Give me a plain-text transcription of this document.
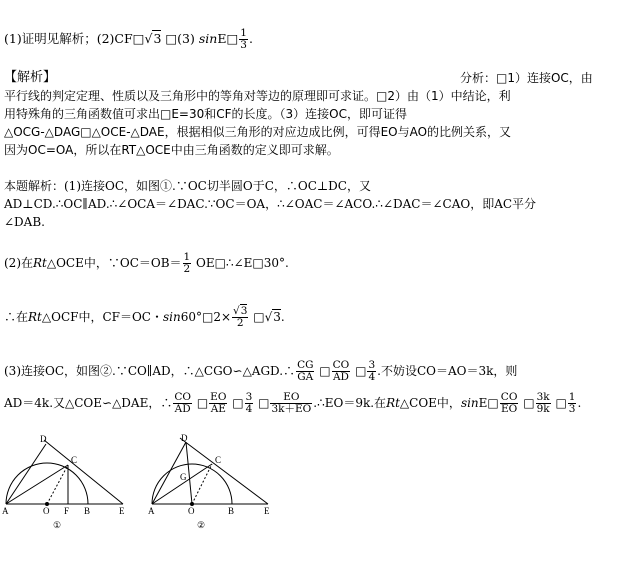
(1)证明见解析；(2)CF□√3 □(3) sinE□ $\frac{1}{3}$ .
【解析】	分析：□1）连接OC，由
平行线的判定定理、性质以及三角形中的等角对等边的原理即可求证。□2）由（1）中结论，利
用特殊角的三角函数值可求出□E=30和CF的长度。（3）连接OC，即可证得
△OCG-△DAG□△OCE-△DAE，根据相似三角形的对应边成比例，可得EO与AO的比例关系，又
因为OC=OA，所以在RT△OCE中由三角函数的定义即可求解。
本题解析：(1)连接OC，如图①.∵OC切半圆O于C，∴OC⊥DC，又
AD⊥CD.∴OC∥AD.∴∠OCA＝∠DAC.∵OC＝OA，∴∠OAC＝∠ACO.∴∠DAC＝∠CAO，即AC平分
∠DAB.
(2)在Rt△OCE中，∵OC＝OB＝ $\frac{1}{2}$ OE□∴∠E□30°.
∴在Rt△OCF中，CF＝OC・sin60°□2× $\frac{√3}{2}$ □√3.
(3)连接OC，如图②.∵CO∥AD，∴△CGO∽△AGD.∴ $\frac{CG}{GA}$ □ $\frac{CO}{AD}$ □ $\frac{3}{4}$ .不妨设CO＝AO＝3k，则
AD＝4k.又△COE∽△DAE，∴ $\frac{CO}{AD}$ □ $\frac{EO}{AE}$ □ $\frac{3}{4}$ □ $\frac{EO}{3k+EO}$ .∴EO＝9k.在Rt△COE中，sinE□ $\frac{CO}{EO}$ □ $\frac{3k}{9k}$ □ $\frac{1}{3}$ .
D
C
A	O F B	E
①
D
C
G
A	O	B	E
②
